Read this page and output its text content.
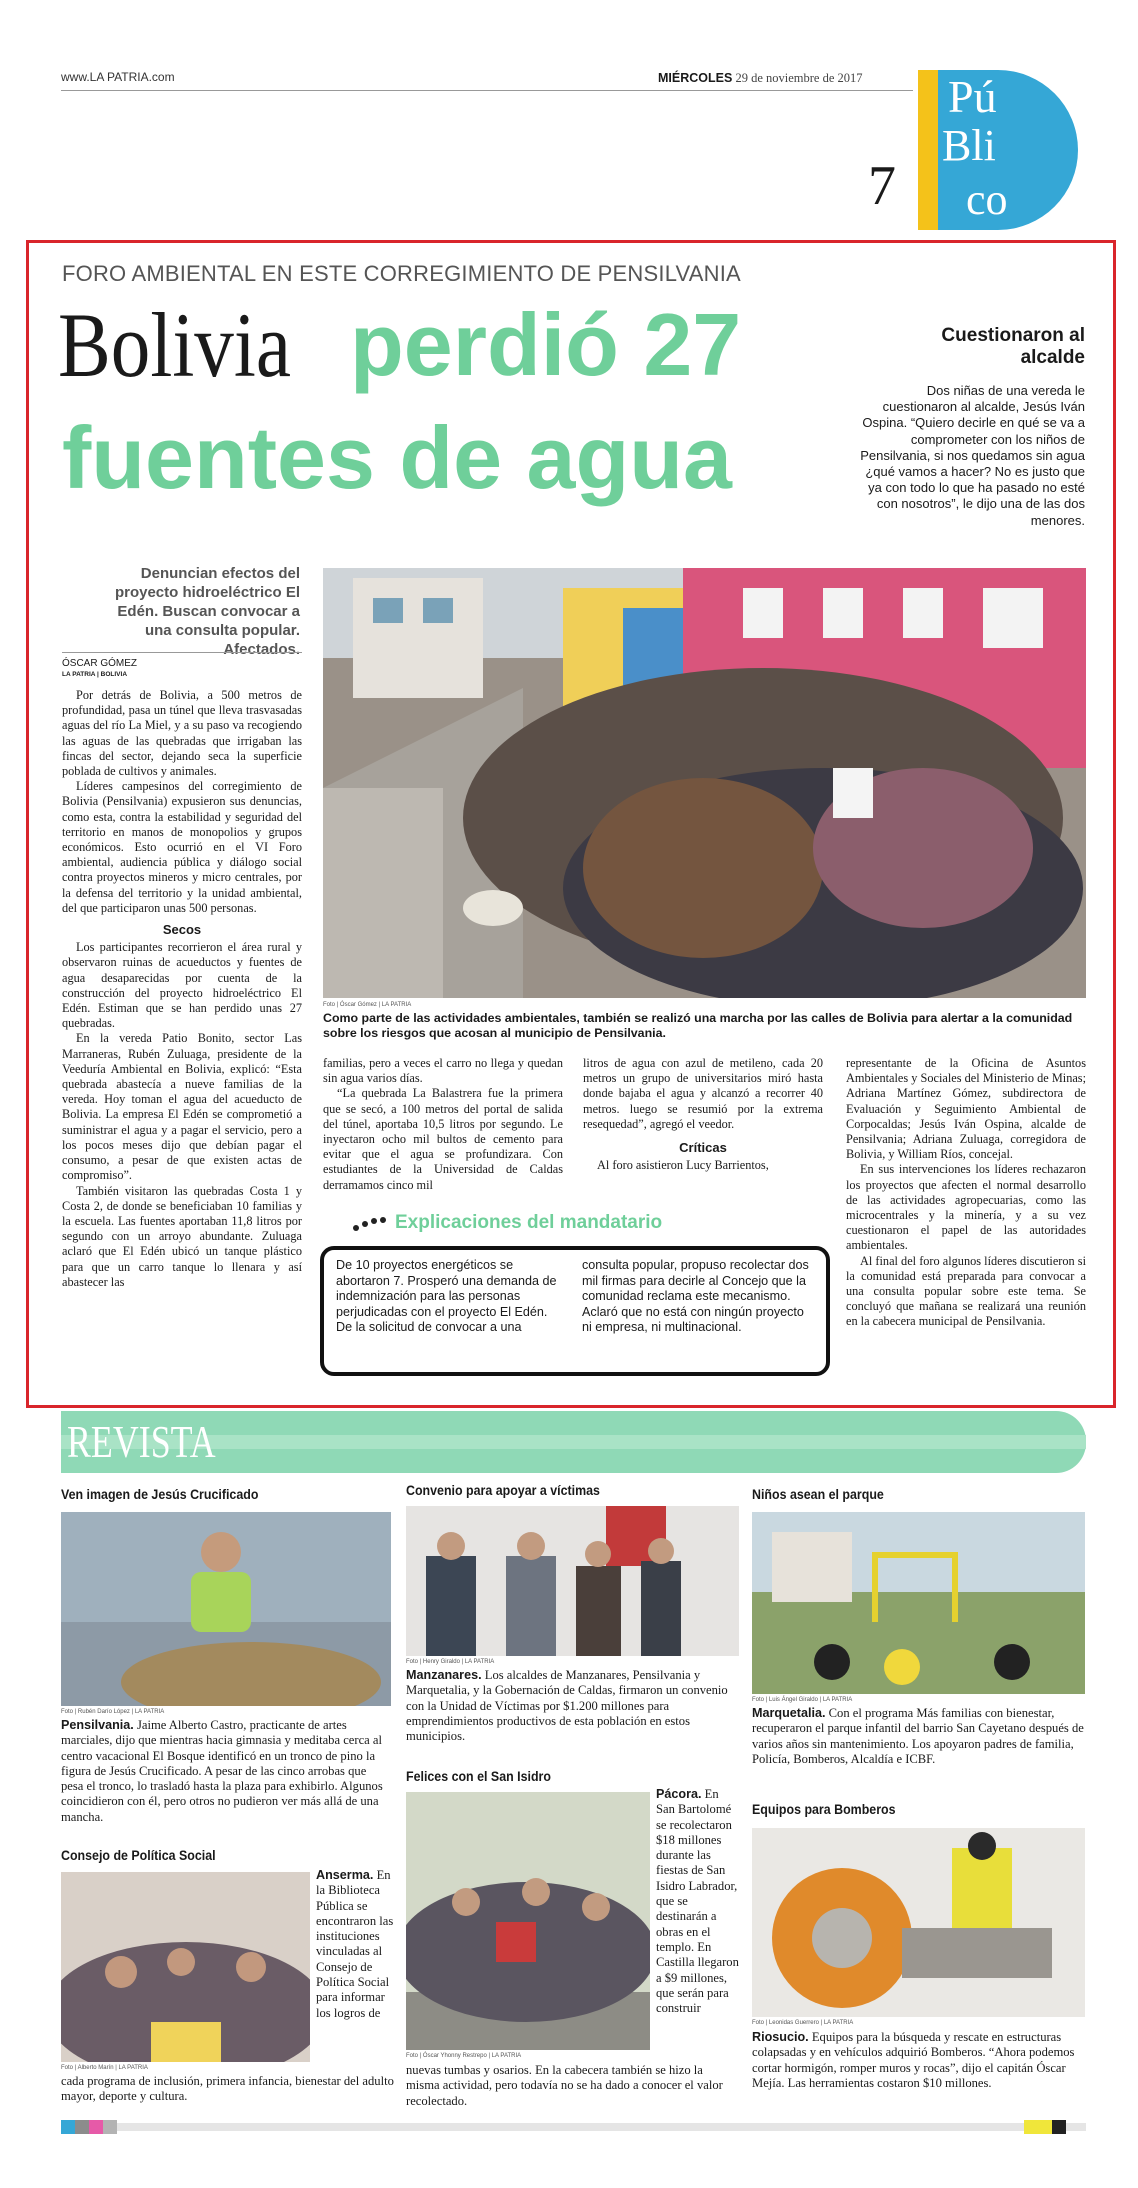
www.LA PATRIA.com	MIÉRCOLES 29 de noviembre de 2017
7
Pú
Bli
co
FORO AMBIENTAL EN ESTE CORREGIMIENTO DE PENSILVANIA
Bolivia perdió 27
fuentes de agua
Cuestionaron al alcalde
Dos niñas de una vereda le cuestionaron al alcalde, Jesús Iván Ospina. “Quiero decirle en qué se va a comprometer con los niños de Pensilvania, si nos quedamos sin agua ¿qué vamos a hacer? No es justo que ya con todo lo que ha pasado no esté con nosotros”, le dijo una de las dos menores.
Denuncian efectos del proyecto hidroeléctrico El Edén. Buscan convocar a una consulta popular. Afectados.
ÓSCAR GÓMEZ
LA PATRIA | BOLIVIA

Por detrás de Bolivia, a 500 metros de profundidad, pasa un túnel que lleva trasvasadas aguas del río La Miel, y a su paso va recogiendo las aguas de las quebradas que irrigaban las fincas del sector, dejando seca la superficie poblada de cultivos y animales.

Líderes campesinos del corregimiento de Bolivia (Pensilvania) expusieron sus denuncias, como esta, contra la estabilidad y seguridad del territorio en manos de monopolios y grupos económicos. Esto ocurrió en el VI Foro ambiental, audiencia pública y diálogo social contra proyectos mineros y micro centrales, por la defensa del territorio y la unidad ambiental, del que participaron unas 500 personas.

Secos

Los participantes recorrieron el área rural y observaron ruinas de acueductos y fuentes de agua desaparecidas por cuenta de la construcción del proyecto hidroeléctrico El Edén. Estiman que se han perdido unas 27 quebradas.

En la vereda Patio Bonito, sector Las Marraneras, Rubén Zuluaga, presidente de la Veeduría Ambiental en Bolivia, explicó: “Esta quebrada abastecía a nueve familias de la vereda. Hoy toman el agua del acueducto de Bolivia. La empresa El Edén se comprometió a suministrar el agua y a pagar el servicio, pero a los pocos meses dijo que debían pagar el consumo, a pesar de que existen actas de compromiso”.

También visitaron las quebradas Costa 1 y Costa 2, de donde se beneficiaban 10 familias y la escuela. Las fuentes aportaban 11,8 litros por segundo con un arroyo abundante. Zuluaga aclaró que El Edén ubicó un tanque plástico para que un carro tanque lo llenara y así abastecer las

Foto | Óscar Gómez | LA PATRIA
Como parte de las actividades ambientales, también se realizó una marcha por las calles de Bolivia para alertar a la comunidad sobre los riesgos que acosan al municipio de Pensilvania.

familias, pero a veces el carro no llega y quedan sin agua varios días.

“La quebrada La Balastrera fue la primera que se secó, a 100 metros del portal de salida del túnel, aportaba 10,5 litros por segundo. Le inyectaron ocho mil bultos de cemento para evitar que el agua se profundizara. Con estudiantes de la Universidad de Caldas derramamos cinco mil

litros de agua con azul de metileno, cada 20 metros un grupo de universitarios miró hasta donde bajaba el agua y alcanzó a recorrer 40 metros. luego se resumió por la extrema resequedad”, agregó el veedor.

Críticas

Al foro asistieron Lucy Barrientos,

representante de la Oficina de Asuntos Ambientales y Sociales del Ministerio de Minas; Adriana Martínez Gómez, subdirectora de Evaluación y Seguimiento Ambiental de Corpocaldas; Jesús Iván Ospina, alcalde de Pensilvania; Adriana Zuluaga, corregidora de Bolivia, y William Ríos, concejal.

En sus intervenciones los líderes rechazaron los proyectos que afecten el normal desarrollo de las actividades agropecuarias, como las microcentrales y la minería, y a su vez cuestionaron el papel de las autoridades ambientales.

Al final del foro algunos líderes discutieron si la comunidad está preparada para convocar a una consulta popular sobre este tema. Se concluyó que mañana se realizará una reunión en la cabecera municipal de Pensilvania.

Explicaciones del mandatario
De 10 proyectos energéticos se abortaron 7. Prosperó una demanda de indemnización para las personas perjudicadas con el proyecto El Edén. De la solicitud de convocar a una
consulta popular, propuso recolectar dos mil firmas para decirle al Concejo que la comunidad reclama este mecanismo. Aclaró que no está con ningún proyecto ni empresa, ni multinacional.
REVISTA
Ven imagen de Jesús Crucificado
Foto | Rubén Darío López | LA PATRIA
Pensilvania. Jaime Alberto Castro, practicante de artes marciales, dijo que mientras hacia gimnasia y meditaba cerca al centro vacacional El Bosque identificó en un tronco de pino la figura de Jesús Crucificado. A pesar de las cinco arrobas que pesa el tronco, lo trasladó hasta la plaza para exhibirlo. Algunos coincidieron con él, pero otros no pudieron ver más allá de una mancha.
Consejo de Política Social
Foto | Alberto Marín | LA PATRIA
Anserma. En la Biblioteca Pública se encontraron las instituciones vinculadas al Consejo de Política Social para informar los logros de
cada programa de inclusión, primera infancia, bienestar del adulto mayor, deporte y cultura.
Convenio para apoyar a víctimas
Foto | Henry Giraldo | LA PATRIA
Manzanares. Los alcaldes de Manzanares, Pensilvania y Marquetalia, y la Gobernación de Caldas, firmaron un convenio con la Unidad de Víctimas por $1.200 millones para emprendimientos productivos de esta población en estos municipios.
Felices con el San Isidro
Foto | Óscar Yhonny Restrepo | LA PATRIA
Pácora. En San Bartolomé se recolectaron $18 millones durante las fiestas de San Isidro Labrador, que se destinarán a obras en el templo. En Castilla llegaron a $9 millones, que serán para construir
nuevas tumbas y osarios. En la cabecera también se hizo la misma actividad, pero todavía no se ha dado a conocer el valor recolectado.
Niños asean el parque
Foto | Luis Ángel Giraldo | LA PATRIA
Marquetalia. Con el programa Más familias con bienestar, recuperaron el parque infantil del barrio San Cayetano después de varios años sin mantenimiento. Los apoyaron padres de familia, Policía, Bomberos, Alcaldía e ICBF.
Equipos para Bomberos
Foto | Leonidas Guerrero | LA PATRIA
Riosucio. Equipos para la búsqueda y rescate en estructuras colapsadas y en vehículos adquirió Bomberos. “Ahora podemos cortar hormigón, romper muros y rocas”, dijo el capitán Óscar Mejía. Las herramientas costaron $10 millones.
